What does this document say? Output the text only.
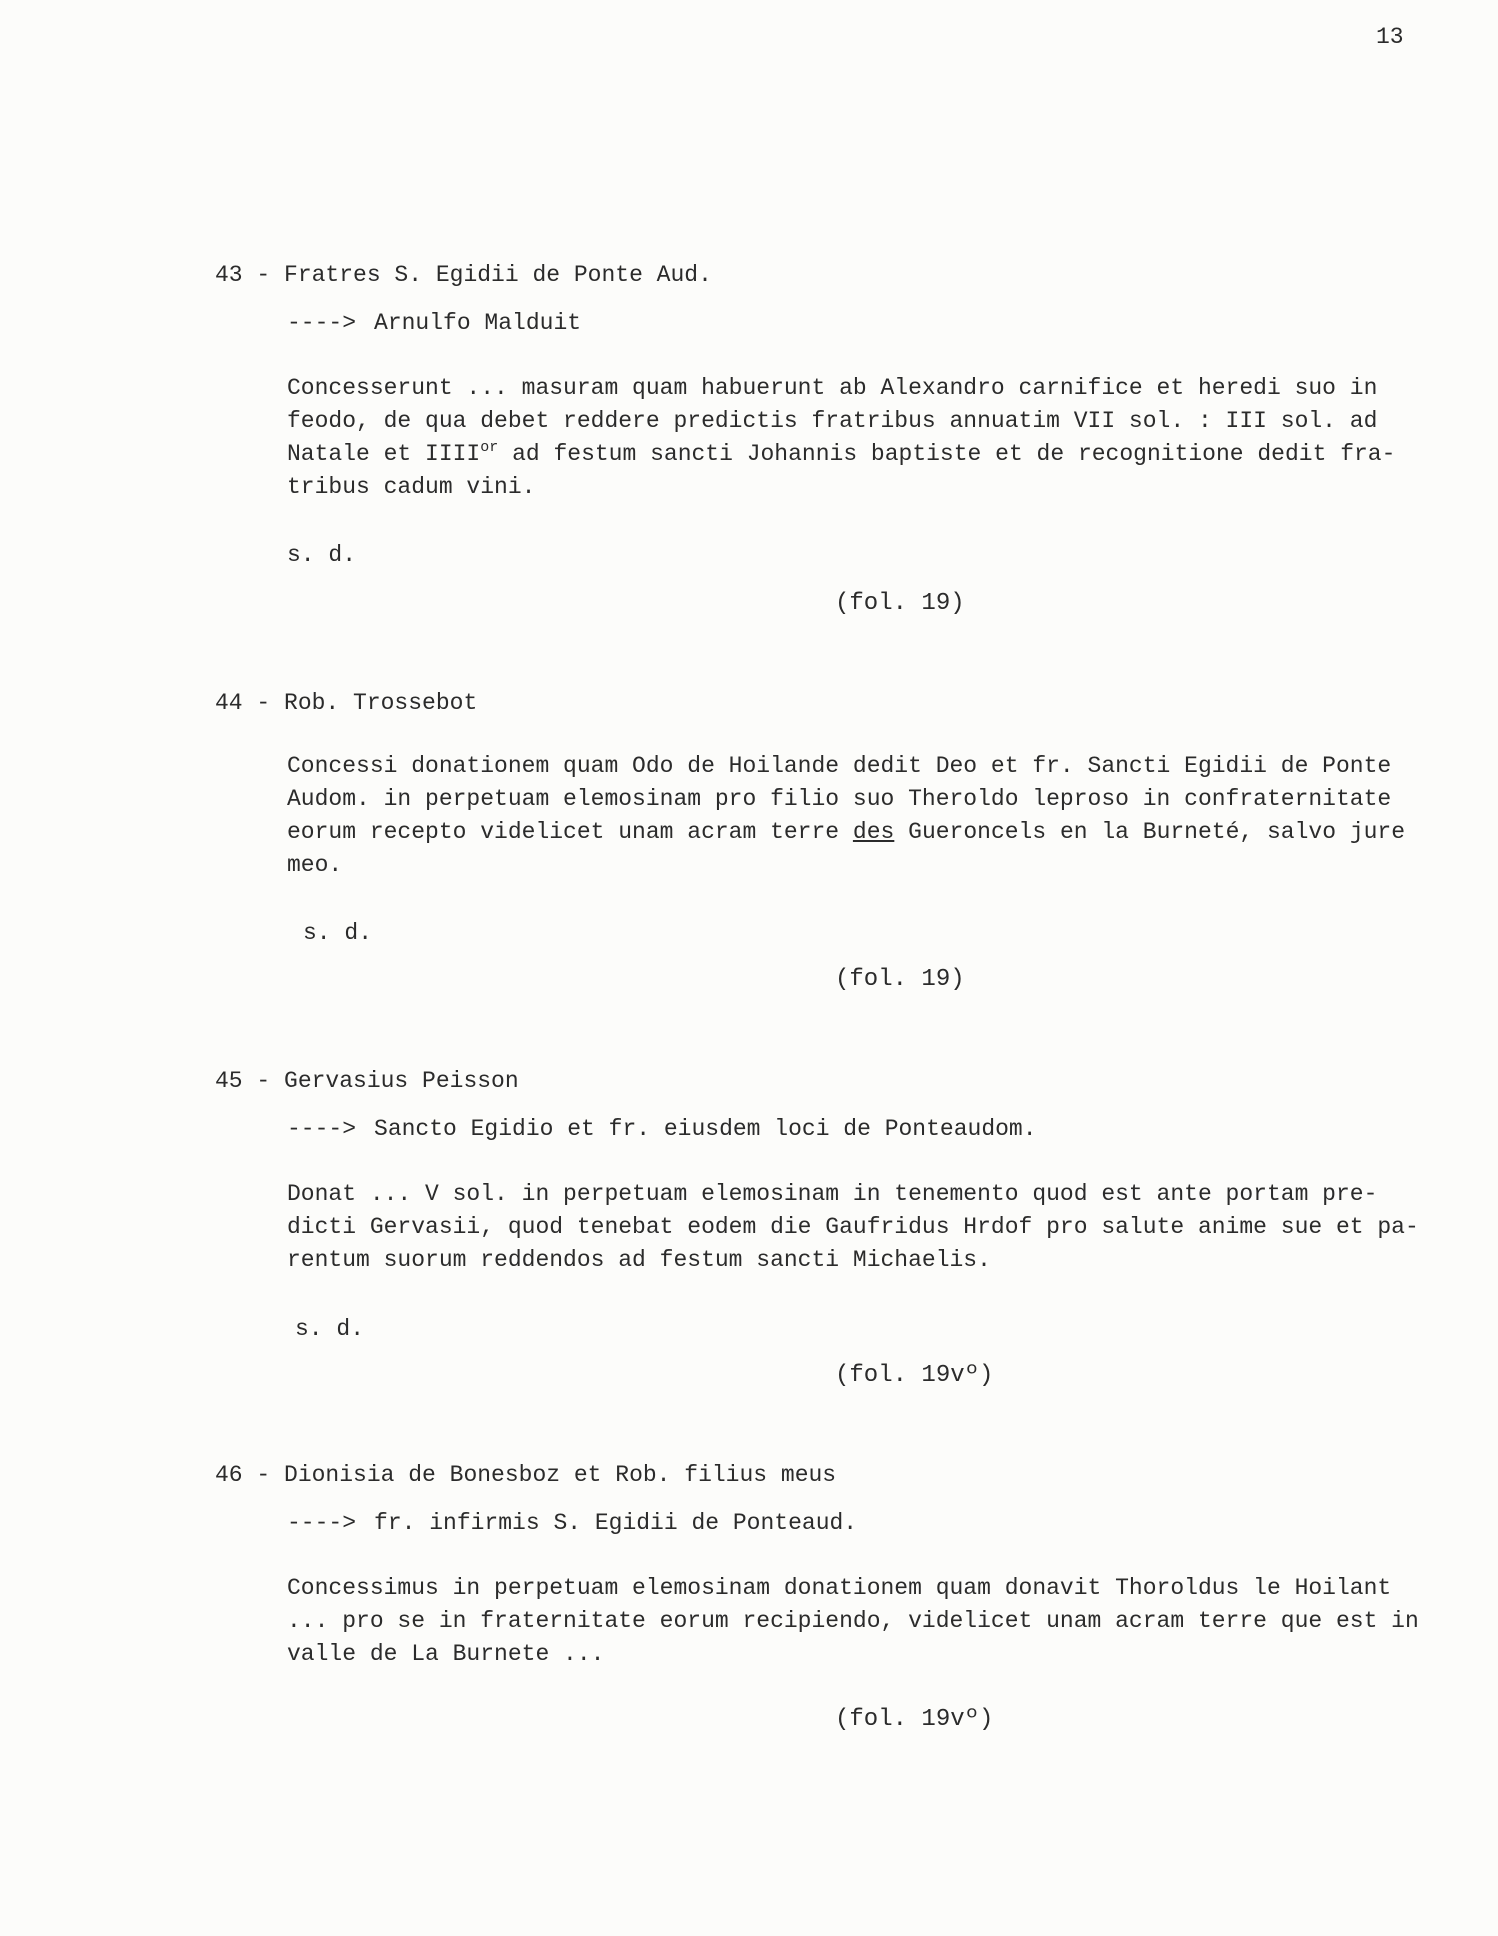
13
43 - Fratres S. Egidii de Ponte Aud.
----> Arnulfo Malduit
Concesserunt ... masuram quam habuerunt ab Alexandro carnifice et heredi suo in
feodo, de qua debet reddere predictis fratribus annuatim VII sol. : III sol. ad
Natale et $IIII^{or}$ ad festum sancti Johannis baptiste et de recognitione dedit fra-
tribus cadum vini.
s. d.
(fol. 19)
44 - Rob. Trossebot
Concessi donationem quam Odo de Hoilande dedit Deo et fr. Sancti Egidii de Ponte
Audom. in perpetuam elemosinam pro filio suo Theroldo leproso in confraternitate
eorum recepto videlicet unam acram terre des Gueroncels en la Burneté, salvo jure
meo.
s. d.
(fol. 19)
45 - Gervasius Peisson
----> Sancto Egidio et fr. eiusdem loci de Ponteaudom.
Donat ... V sol. in perpetuam elemosinam in tenemento quod est ante portam pre-
dicti Gervasii, quod tenebat eodem die Gaufridus Hrdof pro salute anime sue et pa-
rentum suorum reddendos ad festum sancti Michaelis.
s. d.
(fol. 19vº)
46 - Dionisia de Bonesboz et Rob. filius meus
----> fr. infirmis S. Egidii de Ponteaud.
Concessimus in perpetuam elemosinam donationem quam donavit Thoroldus le Hoilant
... pro se in fraternitate eorum recipiendo, videlicet unam acram terre que est in
valle de La Burnete ...
(fol. 19vº)
